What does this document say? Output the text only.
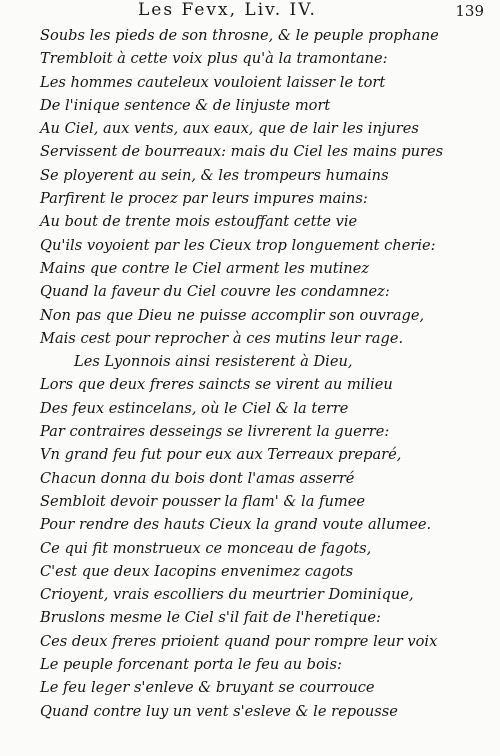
Les Fevx, Liv. IV.	139
Soubs les pieds de son throsne, & le peuple prophane
Trembloit à cette voix plus qu'à la tramontane:
Les hommes cauteleux vouloient laisser le tort
De l'inique sentence & de linjuste mort
Au Ciel, aux vents, aux eaux, que de lair les injures
Servissent de bourreaux: mais du Ciel les mains pures
Se ployerent au sein, & les trompeurs humains
Parfirent le procez par leurs impures mains:
Au bout de trente mois estouffant cette vie
Qu'ils voyoient par les Cieux trop longuement cherie:
Mains que contre le Ciel arment les mutinez
Quand la faveur du Ciel couvre les condamnez:
Non pas que Dieu ne puisse accomplir son ouvrage,
Mais cest pour reprocher à ces mutins leur rage.
Les Lyonnois ainsi resisterent à Dieu,
Lors que deux freres saincts se virent au milieu
Des feux estincelans, où le Ciel & la terre
Par contraires desseings se livrerent la guerre:
Vn grand feu fut pour eux aux Terreaux preparé,
Chacun donna du bois dont l'amas asserré
Sembloit devoir pousser la flam' & la fumee
Pour rendre des hauts Cieux la grand voute allumee.
Ce qui fit monstrueux ce monceau de fagots,
C'est que deux Iacopins envenimez cagots
Crioyent, vrais escolliers du meurtrier Dominique,
Bruslons mesme le Ciel s'il fait de l'heretique:
Ces deux freres prioient quand pour rompre leur voix
Le peuple forcenant porta le feu au bois:
Le feu leger s'enleve & bruyant se courrouce
Quand contre luy un vent s'esleve & le repousse
